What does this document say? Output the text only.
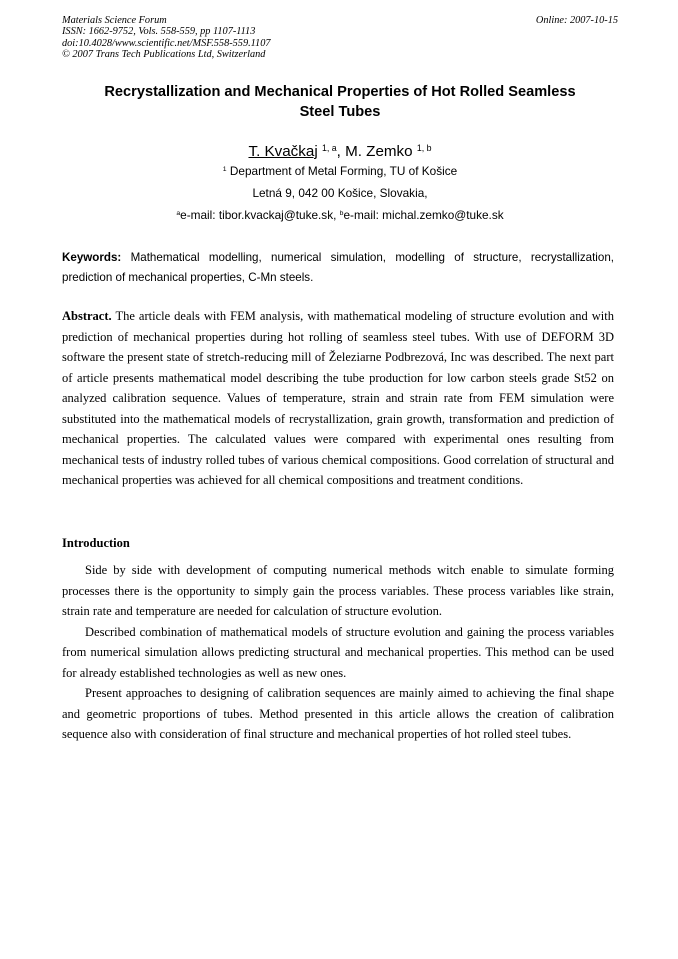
Materials Science Forum
ISSN: 1662-9752, Vols. 558-559, pp 1107-1113
doi:10.4028/www.scientific.net/MSF.558-559.1107
© 2007 Trans Tech Publications Ltd, Switzerland
Online: 2007-10-15
Recrystallization and Mechanical Properties of Hot Rolled Seamless
Steel Tubes
T. Kvačkaj $^{1, a}$, M. Zemko $^{1, b}$
$^1$ Department of Metal Forming, TU of Košice
Letná 9, 042 00 Košice, Slovakia,
$^a$e-mail: tibor.kvackaj@tuke.sk, $^b$e-mail: michal.zemko@tuke.sk
Keywords: Mathematical modelling, numerical simulation, modelling of structure, recrystallization, prediction of mechanical properties, C-Mn steels.

Abstract. The article deals with FEM analysis, with mathematical modeling of structure evolution and with prediction of mechanical properties during hot rolling of seamless steel tubes. With use of DEFORM 3D software the present state of stretch-reducing mill of Železiarne Podbrezová, Inc was described. The next part of article presents mathematical model describing the tube production for low carbon steels grade St52 on analyzed calibration sequence. Values of temperature, strain and strain rate from FEM simulation were substituted into the mathematical models of recrystallization, grain growth, transformation and prediction of mechanical properties. The calculated values were compared with experimental ones resulting from mechanical tests of industry rolled tubes of various chemical compositions. Good correlation of structural and mechanical properties was achieved for all chemical compositions and treatment conditions.

Introduction

Side by side with development of computing numerical methods witch enable to simulate forming processes there is the opportunity to simply gain the process variables. These process variables like strain, strain rate and temperature are needed for calculation of structure evolution.

Described combination of mathematical models of structure evolution and gaining the process variables from numerical simulation allows predicting structural and mechanical properties. This method can be used for already established technologies as well as new ones.

Present approaches to designing of calibration sequences are mainly aimed to achieving the final shape and geometric proportions of tubes. Method presented in this article allows the creation of calibration sequence also with consideration of final structure and mechanical properties of hot rolled steel tubes.
